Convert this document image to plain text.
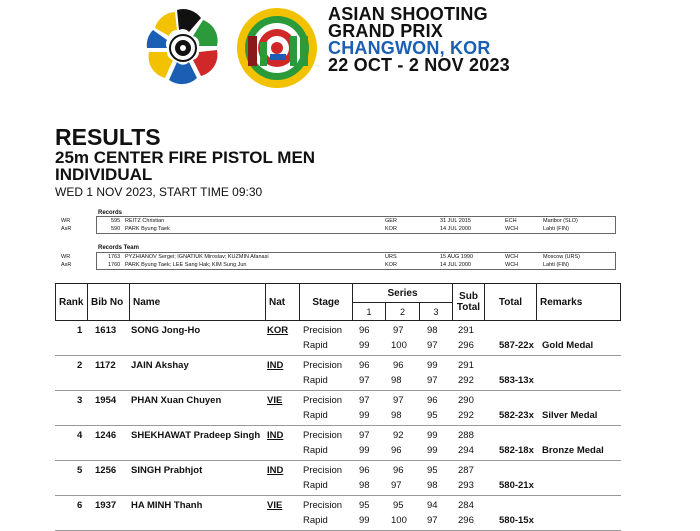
ASIAN SHOOTING
GRAND PRIX
CHANGWON, KOR
22 OCT - 2 NOV 2023
RESULTS
25m CENTER FIRE PISTOL MEN
INDIVIDUAL
WED 1 NOV 2023, START TIME 09:30
Records
WR	595 REITZ Christian	GER	31 JUL 2015	ECH	Maribor (SLO)
AsR	590 PARK Byung Taek	KOR	14 JUL 2000	WCH	Lahti (FIN)
Records Team
WR	1763 PYZHIANOV Sergei; IGNATIUK Miroslav; KUZMIN Afanasi	URS	15 AUG 1990	WCH	Moscow (URS)
AsR	1760 PARK Byung Taek; LEE Sang Hak; KIM Sung Jun	KOR	14 JUL 2000	WCH	Lahti (FIN)
Rank Bib No Name	Nat	Stage
Series
1	2	3
Sub
Total	Total	Remarks
1 1613 SONG Jong-Ho	KOR Precision 96 97 98 291
Rapid	99 100 97 296	587-22x Gold Medal
2 1172 JAIN Akshay	IND Precision 96 96 99 291
Rapid	97 98	97 292	583-13x
3 1954 PHAN Xuan Chuyen	VIE Precision 97 97 96 290
Rapid	99 98	95 292	582-23x Silver Medal
4 1246 SHEKHAWAT Pradeep Singh IND Precision 97 92 99 288
Rapid	99 96	99 294	582-18x Bronze Medal
5 1256 SINGH Prabhjot	IND Precision 96 96 95 287
Rapid	98 97	98 293	580-21x
6 1937 HA MINH Thanh	VIE Precision 95 95 94 284
Rapid	99 100 97 296	580-15x
